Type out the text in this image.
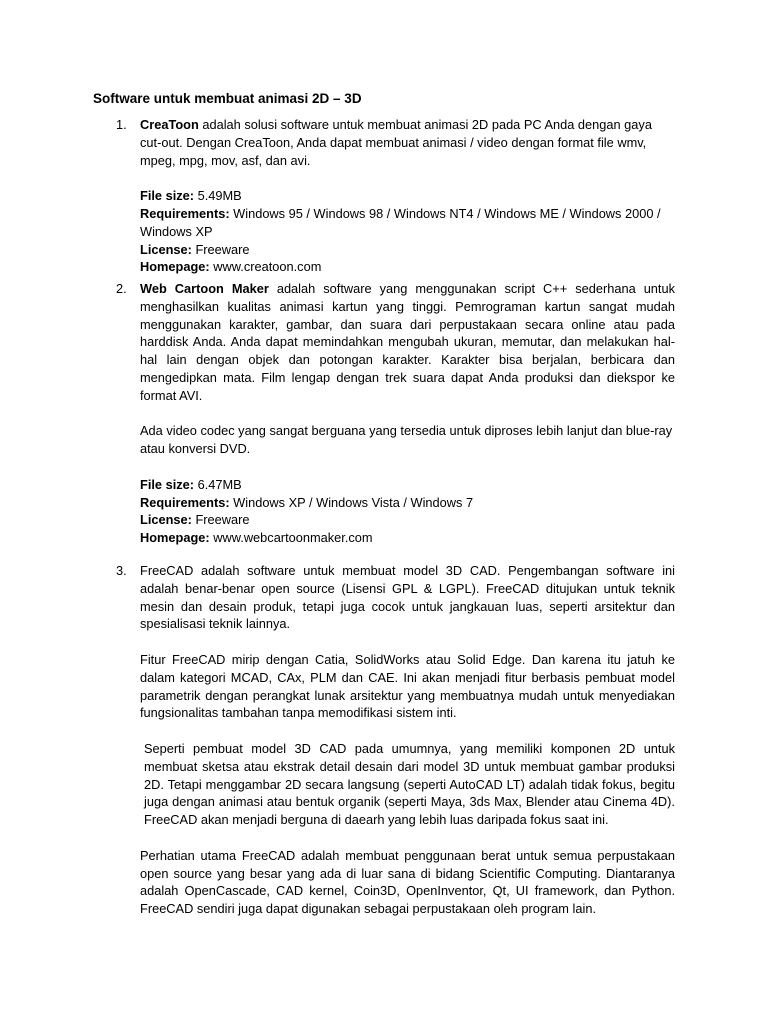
Software untuk membuat animasi 2D – 3D
1.	CreaToon adalah solusi software untuk membuat animasi 2D pada PC Anda dengan gaya cut-out. Dengan CreaToon, Anda dapat membuat animasi / video dengan format file wmv, mpeg, mpg, mov, asf, dan avi.

File size: 5.49MB

Requirements: Windows 95 / Windows 98 / Windows NT4 / Windows ME / Windows 2000 / Windows XP

License: Freeware

Homepage: www.creatoon.com

2.	Web Cartoon Maker adalah software yang menggunakan script C++ sederhana untuk menghasilkan kualitas animasi kartun yang tinggi. Pemrograman kartun sangat mudah menggunakan karakter, gambar, dan suara dari perpustakaan secara online atau pada harddisk Anda. Anda dapat memindahkan mengubah ukuran, memutar, dan melakukan hal-hal lain dengan objek dan potongan karakter. Karakter bisa berjalan, berbicara dan mengedipkan mata. Film lengap dengan trek suara dapat Anda produksi dan diekspor ke format AVI.

Ada video codec yang sangat berguana yang tersedia untuk diproses lebih lanjut dan blue-ray atau konversi DVD.

File size: 6.47MB

Requirements: Windows XP / Windows Vista / Windows 7

License: Freeware

Homepage: www.webcartoonmaker.com

3.	FreeCAD adalah software untuk membuat model 3D CAD. Pengembangan software ini adalah benar-benar open source (Lisensi GPL & LGPL). FreeCAD ditujukan untuk teknik mesin dan desain produk, tetapi juga cocok untuk jangkauan luas, seperti arsitektur dan spesialisasi teknik lainnya.

Fitur FreeCAD mirip dengan Catia, SolidWorks atau Solid Edge. Dan karena itu jatuh ke dalam kategori MCAD, CAx, PLM dan CAE. Ini akan menjadi fitur berbasis pembuat model parametrik dengan perangkat lunak arsitektur yang membuatnya mudah untuk menyediakan fungsionalitas tambahan tanpa memodifikasi sistem inti.

Seperti pembuat model 3D CAD pada umumnya, yang memiliki komponen 2D untuk membuat sketsa atau ekstrak detail desain dari model 3D untuk membuat gambar produksi 2D. Tetapi menggambar 2D secara langsung (seperti AutoCAD LT) adalah tidak fokus, begitu juga dengan animasi atau bentuk organik (seperti Maya, 3ds Max, Blender atau Cinema 4D). FreeCAD akan menjadi berguna di daearh yang lebih luas daripada fokus saat ini.

Perhatian utama FreeCAD adalah membuat penggunaan berat untuk semua perpustakaan open source yang besar yang ada di luar sana di bidang Scientific Computing. Diantaranya adalah OpenCascade, CAD kernel, Coin3D, OpenInventor, Qt, UI framework, dan Python. FreeCAD sendiri juga dapat digunakan sebagai perpustakaan oleh program lain.
